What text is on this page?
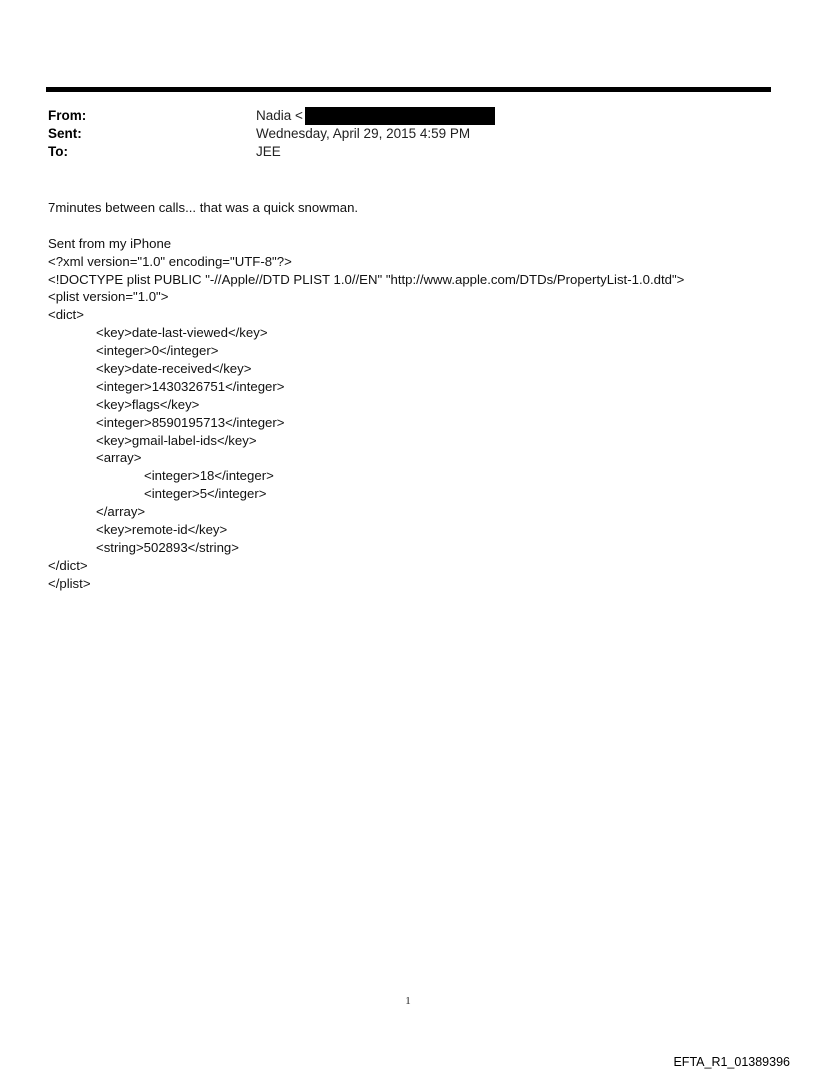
From:	Nadia <
Sent:	Wednesday, April 29, 2015 4:59 PM
To:	JEE
7minutes between calls... that was a quick snowman.
Sent from my iPhone
<?xml version="1.0" encoding="UTF-8"?>
<!DOCTYPE plist PUBLIC "-//Apple//DTD PLIST 1.0//EN" "http://www.apple.com/DTDs/PropertyList-1.0.dtd">
<plist version="1.0">
<dict>
<key>date-last-viewed</key>
<integer>0</integer>
<key>date-received</key>
<integer>1430326751</integer>
<key>flags</key>
<integer>8590195713</integer>
<key>gmail-label-ids</key>
<array>
<integer>18</integer>
<integer>5</integer>
</array>
<key>remote-id</key>
<string>502893</string>
</dict>
</plist>
1
EFTA_R1_01389396
